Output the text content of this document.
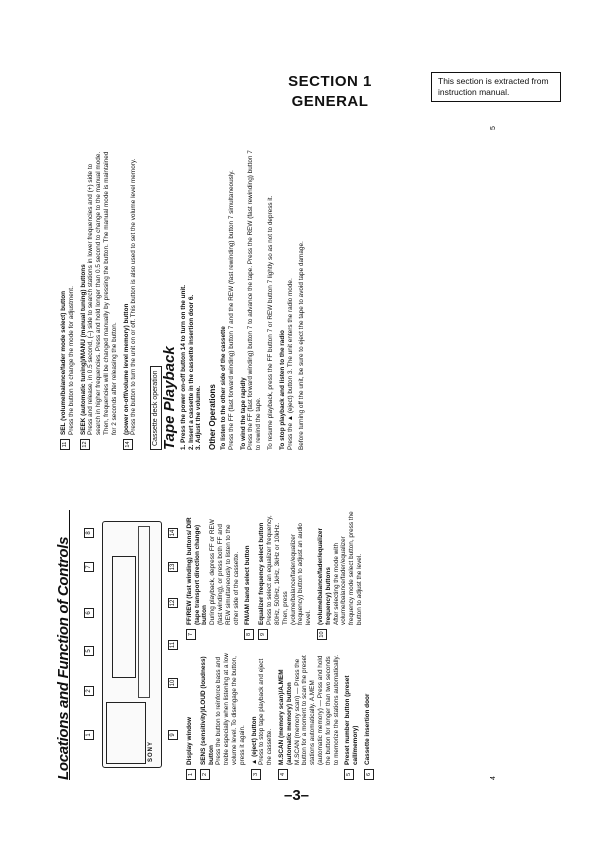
SECTION 1
GENERAL
This section is extracted from instruction manual.
Locations and Function of Controls	SONY
1
2
5
6
7
8
9
10
11
12
13
14
1
Display window
2
SENS (sensitivity)/LOUD (loudness) button
Press the button to reinforce bass and treble especially when listening at a low volume level. To disengage the button, press it again.
3
▲ (eject) button
Press to stop tape playback and eject the cassette.
4
M.SCAN (memory scan)/A.MEM (automatic memory) button
M.SCAN (memory scan) — Press the button for a moment to scan the preset stations automatically. A.MEM (automatic memory) — Press and hold the button for longer than two seconds to memorize the stations automatically.
5
Preset number button (preset call/memory)
6
Cassette insertion door
7
FF/REW (fast winding) buttons/ DIR (tape transport direction change) button
During playback, depress FF or REW (fast winding), or press both FF and REW simultaneously to listen to the other side of the cassette.
8
FM/AM band select button
9
Equalizer frequency select button
Press to select an equalizer frequency, 80Hz, 500Hz, 1kHz, 3kHz or 10kHz. Then, press (volume/balance/fader/equalizer frequency) button to adjust an audio level.
10
(volume/balance/fader/equalizer frequency) buttons
After selecting the mode with volume/balance/fader/equalizer frequency mode select button, press the button to adjust the level.
11
SEL (volume/balance/fader mode select) button
Press the button to change the mode for adjustment.
12
SEEK (automatic tuning)/MANU (manual tuning) buttons
Press and release, in 0.5 second, (–) side to search stations in lower frequencies and (+) side to search in higher frequencies. Press and hold longer than 0.5 second to change to the manual mode. Then, frequencies will be changed manually by pressing the button. The manual mode is maintained for 2 seconds after releasing the button.
14
(power on-off/volume level memory) button
Press the button to turn the unit on or off. This button is also used to set the volume level memory. Cassette deck operation Tape Playback 1. Press the power on-off button 14 to turn on the unit. 2. Insert a cassette in the cassette insertion door 6. 3. Adjust the volume. Other Operations To listen to the other side of the cassette Press the FF (fast forward winding) button 7 and the REW (fast rewinding) button 7 simultaneously. To wind the tape rapidly Press the FF (fast forward winding) button 7 to advance the tape. Press the REW (fast rewinding) button 7 to rewind the tape. To resume playback, press the FF button 7 or REW button 7 lightly so as not to depress it. To stop playback and listen to the radio Press the ▲ (eject) button 3. The unit enters the radio mode. Before turning off the unit, be sure to eject the tape to avoid tape damage.
4
5
–3–
